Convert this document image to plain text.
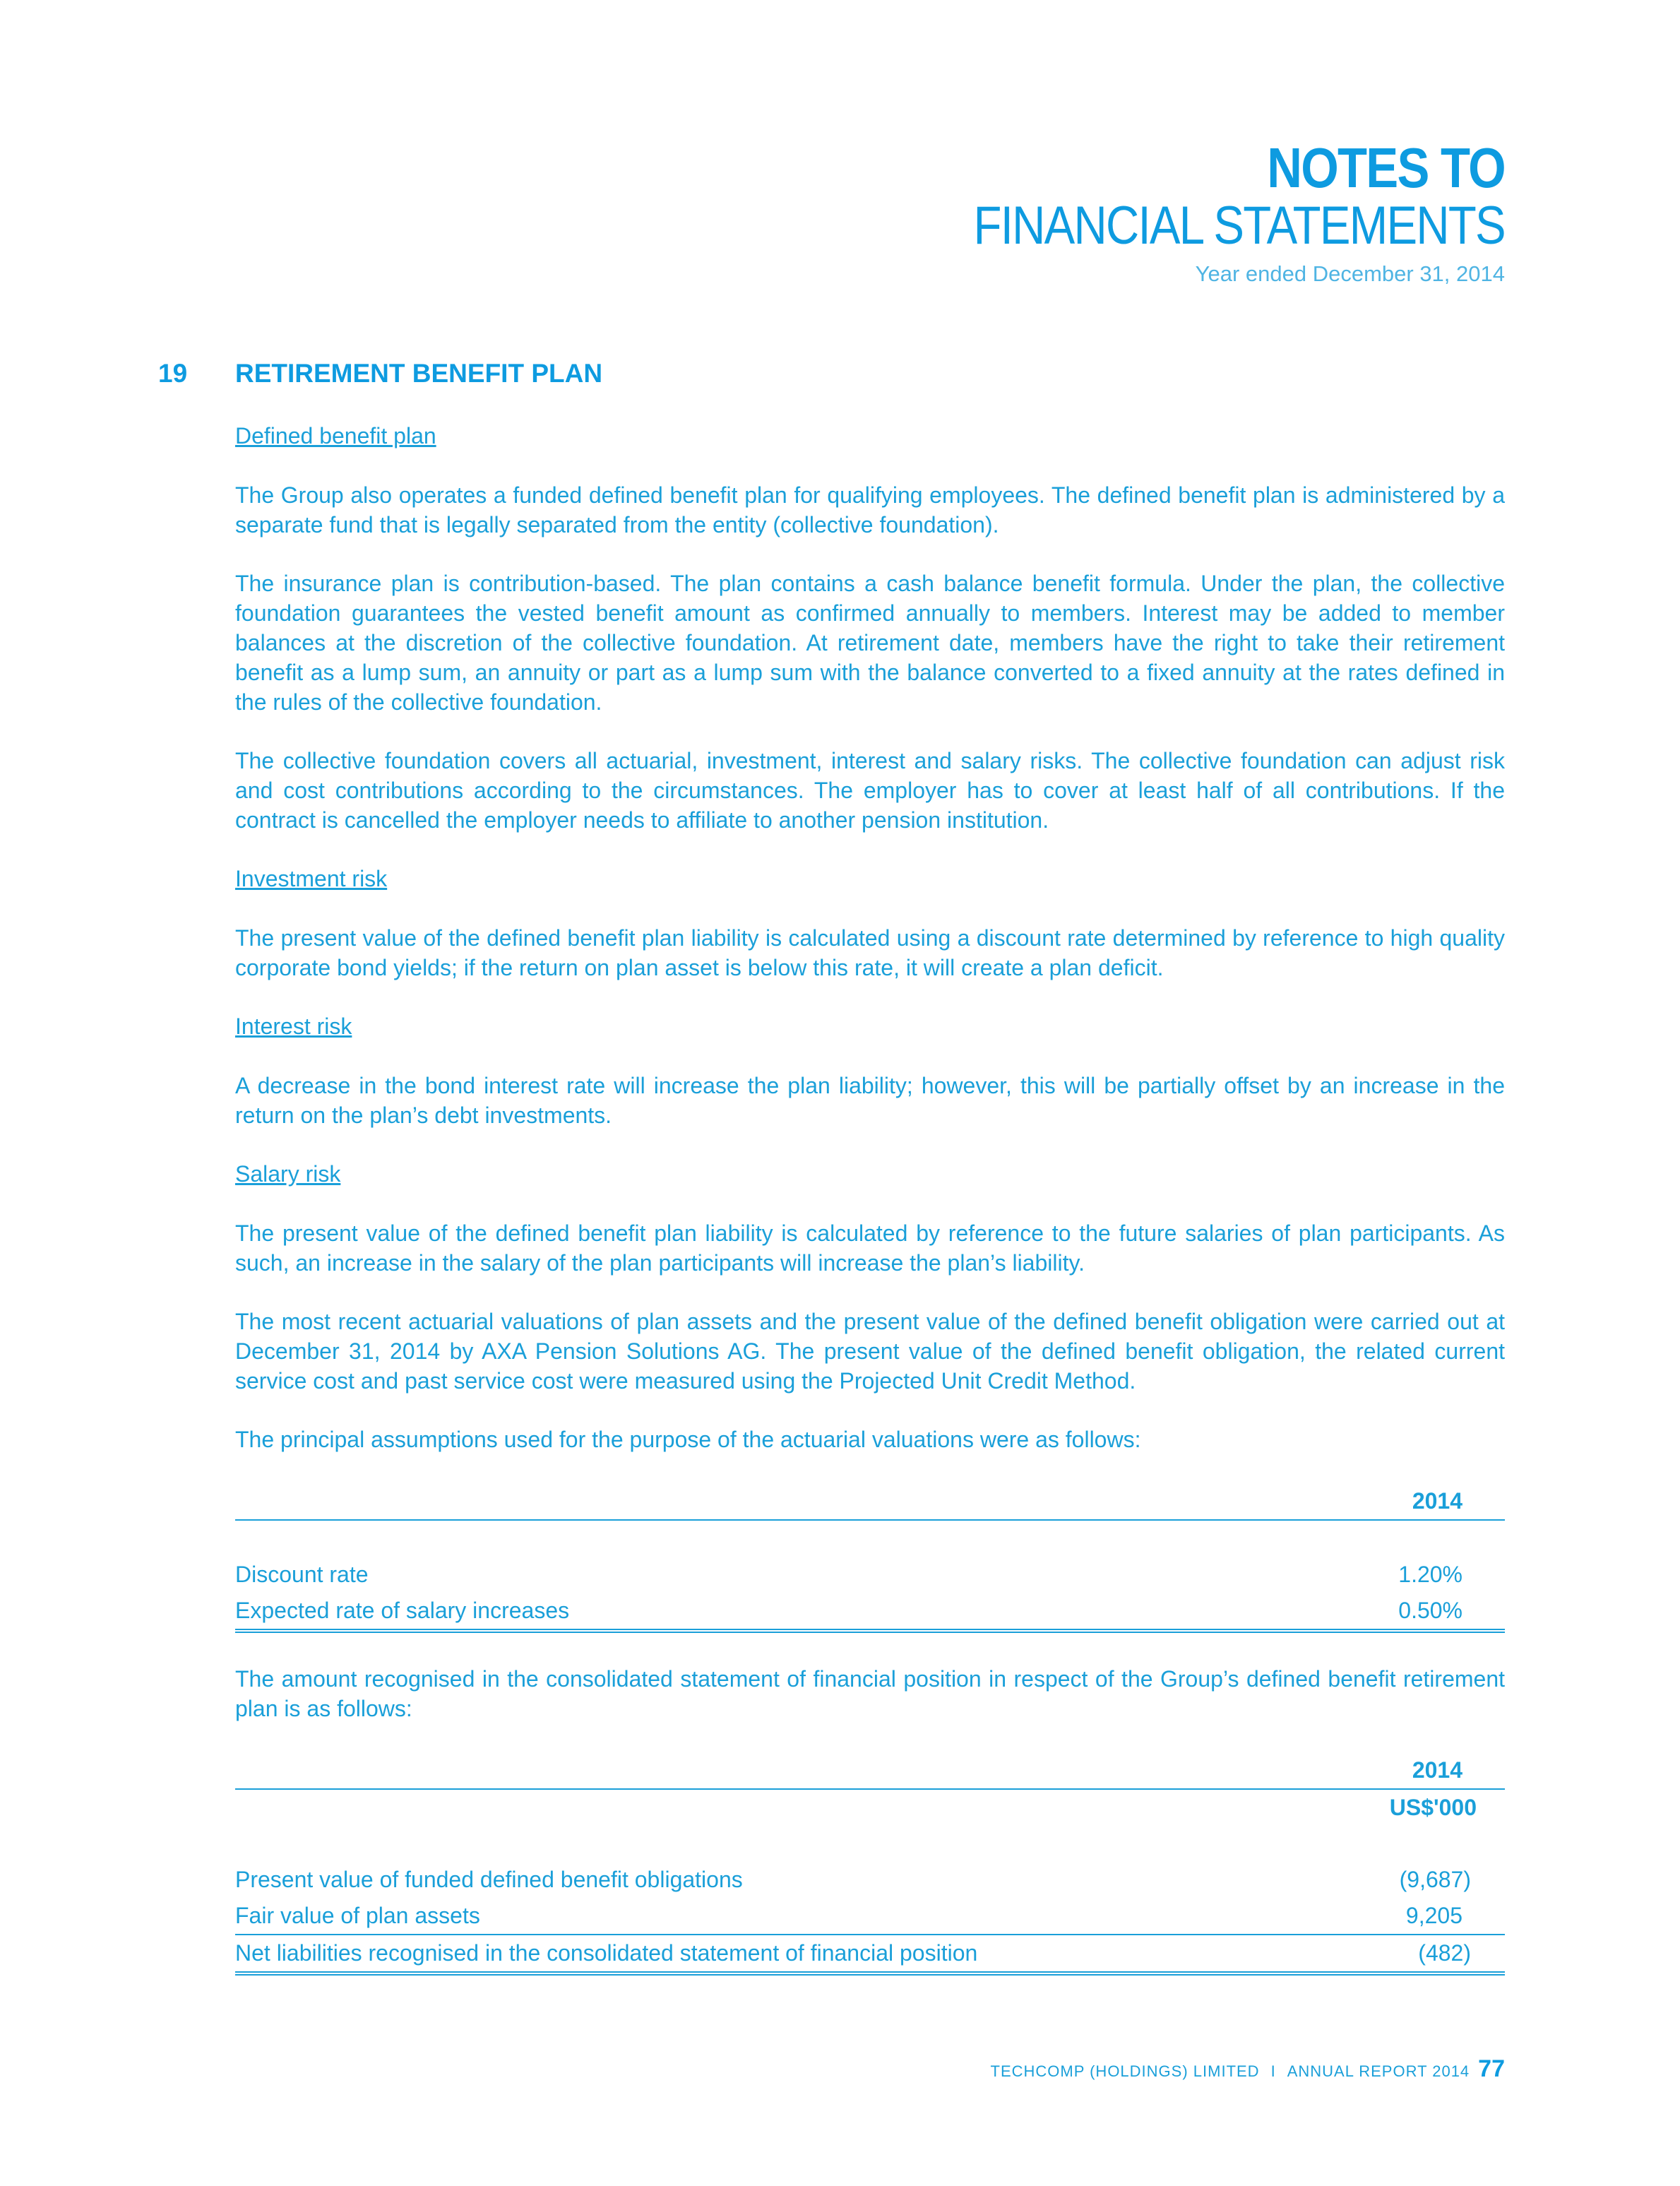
NOTES TO
FINANCIAL STATEMENTS
Year ended December 31, 2014
19 RETIREMENT BENEFIT PLAN
Defined benefit plan

The Group also operates a funded defined benefit plan for qualifying employees. The defined benefit plan is administered by a separate fund that is legally separated from the entity (collective foundation).

The insurance plan is contribution-based. The plan contains a cash balance benefit formula. Under the plan, the collective foundation guarantees the vested benefit amount as confirmed annually to members. Interest may be added to member balances at the discretion of the collective foundation. At retirement date, members have the right to take their retirement benefit as a lump sum, an annuity or part as a lump sum with the balance converted to a fixed annuity at the rates defined in the rules of the collective foundation.

The collective foundation covers all actuarial, investment, interest and salary risks. The collective foundation can adjust risk and cost contributions according to the circumstances. The employer has to cover at least half of all contributions. If the contract is cancelled the employer needs to affiliate to another pension institution.

Investment risk

The present value of the defined benefit plan liability is calculated using a discount rate determined by reference to high quality corporate bond yields; if the return on plan asset is below this rate, it will create a plan deficit.

Interest risk

A decrease in the bond interest rate will increase the plan liability; however, this will be partially offset by an increase in the return on the plan’s debt investments.

Salary risk

The present value of the defined benefit plan liability is calculated by reference to the future salaries of plan participants. As such, an increase in the salary of the plan participants will increase the plan’s liability.

The most recent actuarial valuations of plan assets and the present value of the defined benefit obligation were carried out at December 31, 2014 by AXA Pension Solutions AG. The present value of the defined benefit obligation, the related current service cost and past service cost were measured using the Projected Unit Credit Method.

The principal assumptions used for the purpose of the actuarial valuations were as follows:

	2014

Discount rate	1.20%
Expected rate of salary increases	0.50%

The amount recognised in the consolidated statement of financial position in respect of the Group’s defined benefit retirement plan is as follows:

	2014
	US$'000

Present value of funded defined benefit obligations	(9,687)
Fair value of plan assets	9,205
Net liabilities recognised in the consolidated statement of financial position	(482)
TECHCOMP (HOLDINGS) LIMITED I ANNUAL REPORT 2014 77
